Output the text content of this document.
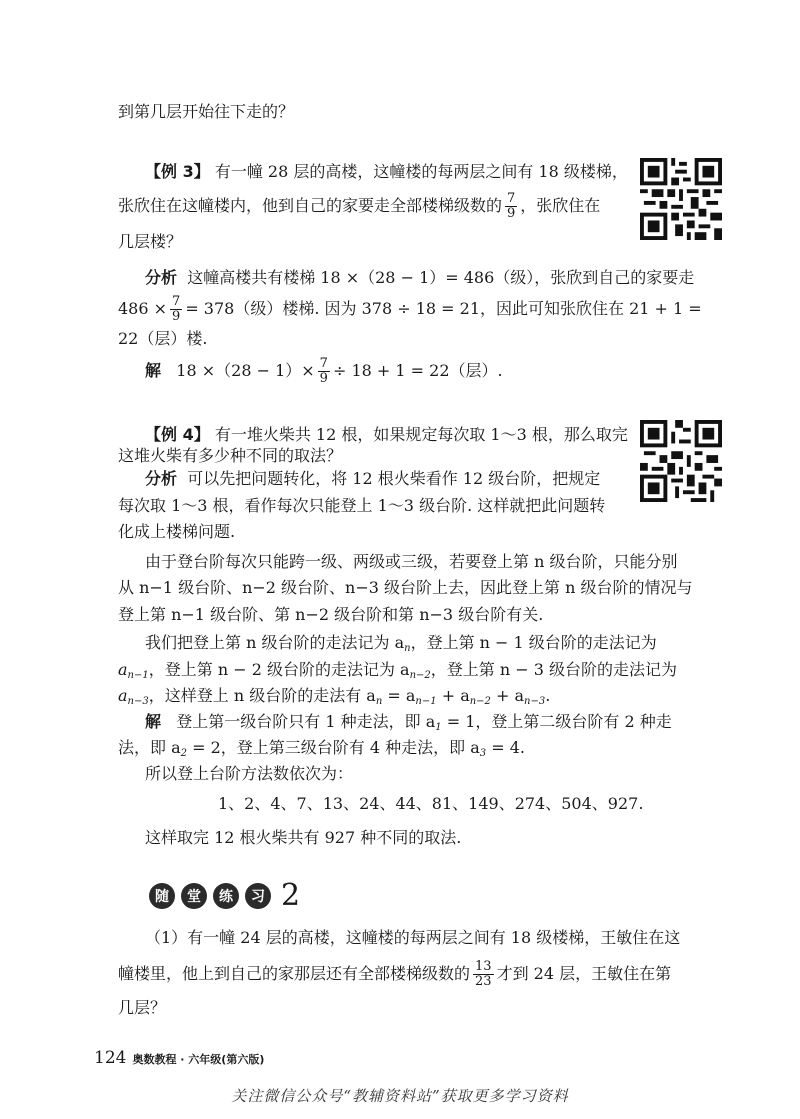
到第几层开始往下走的？
【例 3】 有一幢 28 层的高楼，这幢楼的每两层之间有 18 级楼梯，
张欣住在这幢楼内，他到自己的家要走全部楼梯级数的 $\frac{7}{9}$ ，张欣住在
几层楼？
分析 这幢高楼共有楼梯 18 ×（28 − 1）= 486（级），张欣到自己的家要走
$486 \times \frac{7}{9} = 378$（级）楼梯. 因为 378 ÷ 18 = 21，因此可知张欣住在 21 + 1 =
22（层）楼.
解 $18 \times(28 - 1)\times \frac{7}{9} \div 18 + 1 = 22$（层）.
【例 4】 有一堆火柴共 12 根，如果规定每次取 1～3 根，那么取完
这堆火柴有多少种不同的取法？
分析 可以先把问题转化，将 12 根火柴看作 12 级台阶，把规定
每次取 1～3 根，看作每次只能登上 1～3 级台阶. 这样就把此问题转
化成上楼梯问题.
由于登台阶每次只能跨一级、两级或三级，若要登上第 n 级台阶，只能分别
从 n−1 级台阶、n−2 级台阶、n−3 级台阶上去，因此登上第 n 级台阶的情况与
登上第 n−1 级台阶、第 n−2 级台阶和第 n−3 级台阶有关.
我们把登上第 n 级台阶的走法记为 $a_n$，登上第 n − 1 级台阶的走法记为
$a_{n-1}$，登上第 n − 2 级台阶的走法记为 $a_{n-2}$，登上第 n − 3 级台阶的走法记为
$a_{n-3}$，这样登上 n 级台阶的走法有 $a_n = a_{n-1} + a_{n-2} + a_{n-3}$.
解 登上第一级台阶只有 1 种走法，即 $a_1 = 1$，登上第二级台阶有 2 种走
法，即 $a_2 = 2$，登上第三级台阶有 4 种走法，即 $a_3 = 4$.
所以登上台阶方法数依次为：
1、2、4、7、13、24、44、81、149、274、504、927.
这样取完 12 根火柴共有 927 种不同的取法.
随	堂	练	习 2
（1）有一幢 24 层的高楼，这幢楼的每两层之间有 18 级楼梯，王敏住在这
幢楼里，他上到自己的家那层还有全部楼梯级数的 $\frac{13}{23}$ 才到 24 层，王敏住在第
几层？
124 奥数教程 · 六年级(第六版)
关注微信公众号“教辅资料站”获取更多学习资料
